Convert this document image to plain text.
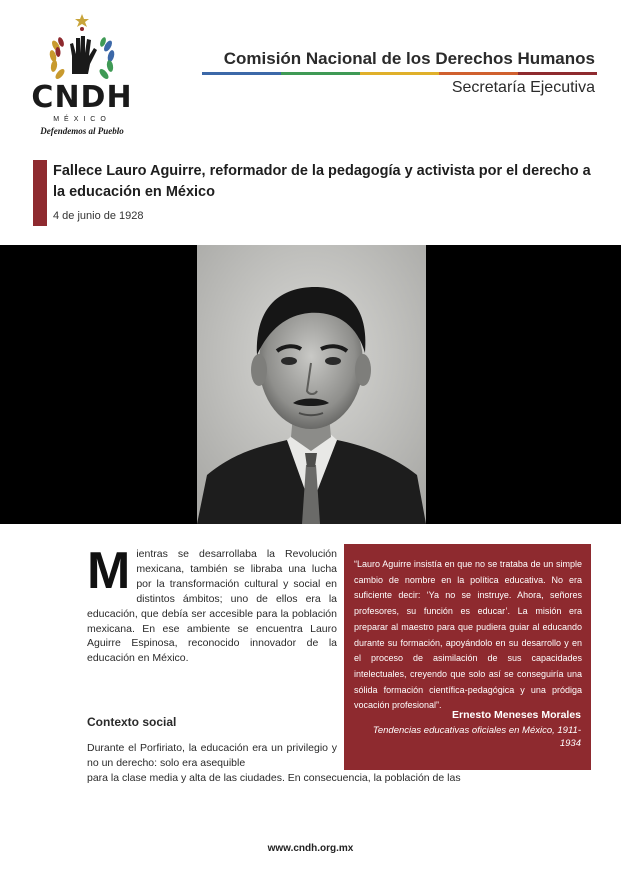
CNDH
MÉXICO
Defendemos al Pueblo
Comisión Nacional de los Derechos Humanos
Secretaría Ejecutiva
Fallece Lauro Aguirre, reformador de la pedagogía y activista por el derecho a la educación en México
4 de junio de 1928
Mientras se desarrollaba la Revolución mexicana, también se libraba una lucha por la transformación cultural y social en distintos ámbitos; uno de ellos era la educación, que debía ser accesible para la población mexicana. En ese ambiente se encuentra Lauro Aguirre Espinosa, reconocido innovador de la educación en México.
Contexto social
Durante el Porfiriato, la educación era un privilegio y no un derecho: solo era asequible
para la clase media y alta de las ciudades. En consecuencia, la población de las
“Lauro Aguirre insistía en que no se trataba de un simple cambio de nombre en la política educativa. No era suficiente decir: ‘Ya no se instruye. Ahora, señores profesores, su función es educar’. La misión era preparar al maestro para que pudiera guiar al educando durante su formación, apoyándolo en su desarrollo y en el proceso de asimilación de sus capacidades intelectuales, creyendo que solo así se conseguiría una sólida formación científica-pedagógica y una pródiga vocación profesional”.
Ernesto Meneses Morales
Tendencias educativas oficiales en México, 1911-1934
www.cndh.org.mx
